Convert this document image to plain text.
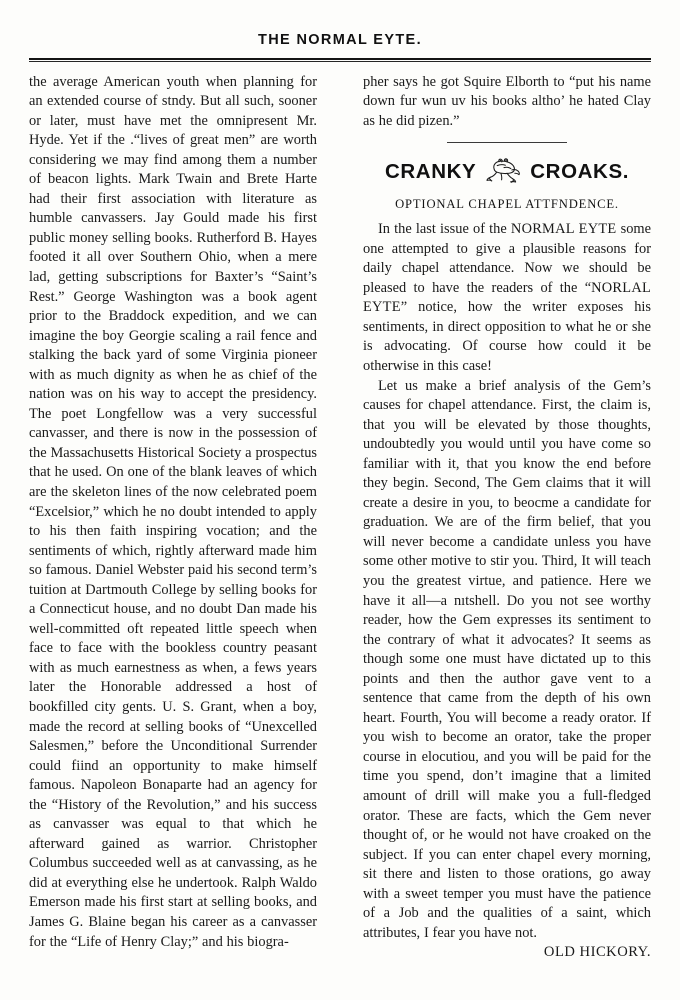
THE NORMAL EYTE.

the average American youth when planning for an extended course of stndy. But all such, sooner or later, must have met the omnipresent Mr. Hyde. Yet if the .“lives of great men” are worth considering we may find among them a number of beacon lights. Mark Twain and Brete Harte had their first association with literature as humble canvassers. Jay Gould made his first public money selling books. Rutherford B. Hayes footed it all over Southern Ohio, when a mere lad, getting subscriptions for Baxter’s “Saint’s Rest.” George Washington was a book agent prior to the Braddock expedition, and we can imagine the boy Georgie scaling a rail fence and stalking the back yard of some Virginia pioneer with as much dignity as when he as chief of the nation was on his way to accept the presidency. The poet Longfellow was a very successful canvasser, and there is now in the possession of the Massachusetts Historical Society a prospectus that he used. On one of the blank leaves of which are the skeleton lines of the now celebrated poem “Excelsior,” which he no doubt intended to apply to his then faith inspiring vocation; and the sentiments of which, rightly afterward made him so famous. Daniel Webster paid his second term’s tuition at Dartmouth College by selling books for a Connecticut house, and no doubt Dan made his well-committed oft repeated little speech when face to face with the bookless country peasant with as much earnestness as when, a fews years later the Honorable addressed a host of bookfilled city gents. U. S. Grant, when a boy, made the record at selling books of “Unexcelled Salesmen,” before the Unconditional Surrender could fiind an opportunity to make himself famous. Napoleon Bonaparte had an agency for the “History of the Revolution,” and his success as canvasser was equal to that which he afterward gained as warrior. Christopher Columbus succeeded well as at canvassing, as he did at everything else he undertook. Ralph Waldo Emerson made his first start at selling books, and James G. Blaine began his career as a canvasser for the “Life of Henry Clay;” and his biogra-

pher says he got Squire Elborth to “put his name down fur wun uv his books altho’ he hated Clay as he did pizen.”

CRANKY	CROAKS.
OPTIONAL CHAPEL ATTFNDENCE.

In the last issue of the NORMAL EYTE some one attempted to give a plausible reasons for daily chapel attendance. Now we should be pleased to have the readers of the “NORLAL EYTE” notice, how the writer exposes his sentiments, in direct opposition to what he or she is advocating. Of course how could it be otherwise in this case!

Let us make a brief analysis of the Gem’s causes for chapel attendance. First, the claim is, that you will be elevated by those thoughts, undoubtedly you would until you have come so familiar with it, that you know the end before they begin. Second, The Gem claims that it will create a desire in you, to beocme a candidate for graduation. We are of the firm belief, that you will never become a candidate unless you have some other motive to stir you. Third, It will teach you the greatest virtue, and patience. Here we have it all—a nıtshell. Do you not see worthy reader, how the Gem expresses its sentiment to the contrary of what it advocates? It seems as though some one must have dictated up to this points and then the author gave vent to a sentence that came from the depth of his own heart. Fourth, You will become a ready orator. If you wish to become an orator, take the proper course in elocutiou, and you will be paid for the time you spend, don’t imagine that a limited amount of drill will make you a full-fledged orator. These are facts, which the Gem never thought of, or he would not have croaked on the subject. If you can enter chapel every morning, sit there and listen to those orations, go away with a sweet temper you must have the patience of a Job and the qualities of a saint, which attributes, I fear you have not.

OLD HICKORY.
